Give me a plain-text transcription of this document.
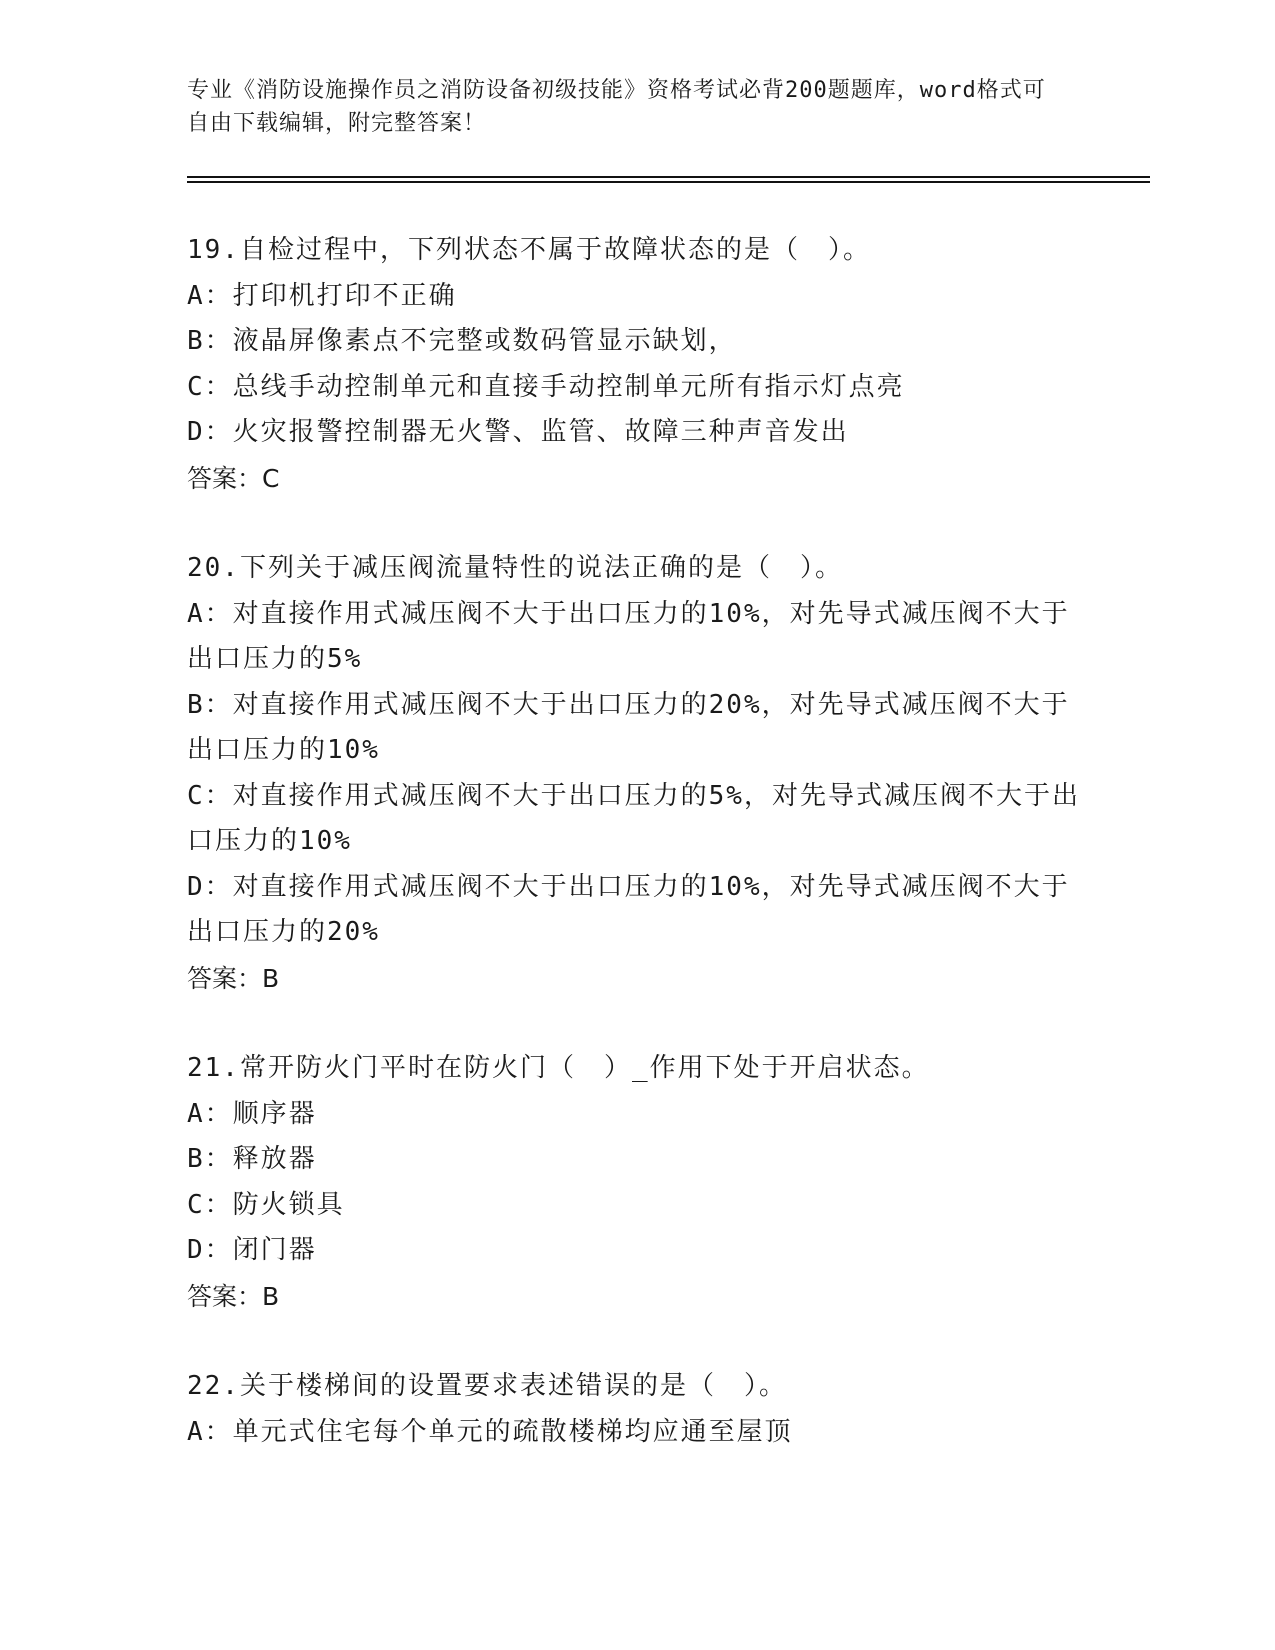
专业《消防设施操作员之消防设备初级技能》资格考试必背200题题库，word格式可自由下载编辑，附完整答案！
19.自检过程中，下列状态不属于故障状态的是（　）。
A：打印机打印不正确
B：液晶屏像素点不完整或数码管显示缺划，
C：总线手动控制单元和直接手动控制单元所有指示灯点亮
D：火灾报警控制器无火警、监管、故障三种声音发出
答案：C
20.下列关于减压阀流量特性的说法正确的是（　）。
A：对直接作用式减压阀不大于出口压力的10%，对先导式减压阀不大于出口压力的5%
B：对直接作用式减压阀不大于出口压力的20%，对先导式减压阀不大于出口压力的10%
C：对直接作用式减压阀不大于出口压力的5%，对先导式减压阀不大于出口压力的10%
D：对直接作用式减压阀不大于出口压力的10%，对先导式减压阀不大于出口压力的20%
答案：B
21.常开防火门平时在防火门（　）_作用下处于开启状态。
A：顺序器
B：释放器
C：防火锁具
D：闭门器
答案：B
22.关于楼梯间的设置要求表述错误的是（　）。
A：单元式住宅每个单元的疏散楼梯均应通至屋顶
